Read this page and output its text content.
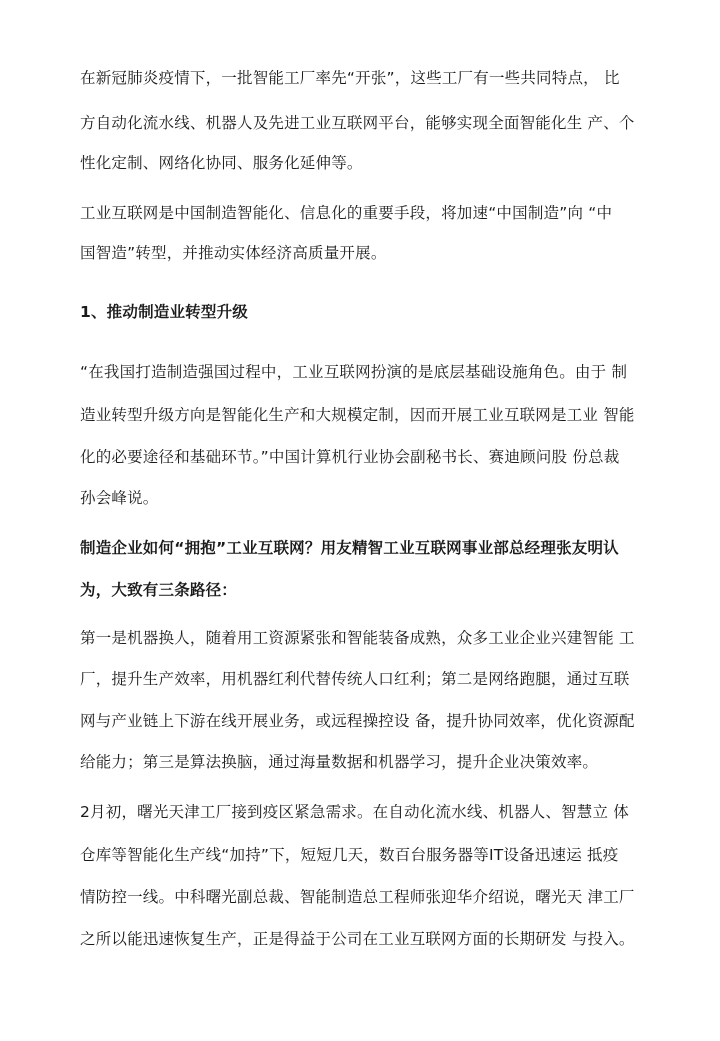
在新冠肺炎疫情下，一批智能工厂率先“开张”，这些工厂有一些共同特点， 比
方自动化流水线、机器人及先进工业互联网平台，能够实现全面智能化生 产、个
性化定制、网络化协同、服务化延伸等。
工业互联网是中国制造智能化、信息化的重要手段，将加速“中国制造”向 “中
国智造”转型，并推动实体经济高质量开展。
1、推动制造业转型升级
“在我国打造制造强国过程中，工业互联网扮演的是底层基础设施角色。由于 制
造业转型升级方向是智能化生产和大规模定制，因而开展工业互联网是工业 智能
化的必要途径和基础环节。”中国计算机行业协会副秘书长、赛迪顾问股 份总裁
孙会峰说。
制造企业如何“拥抱”工业互联网？用友精智工业互联网事业部总经理张友明认
为，大致有三条路径：
第一是机器换人，随着用工资源紧张和智能装备成熟，众多工业企业兴建智能 工
厂，提升生产效率，用机器红利代替传统人口红利；第二是网络跑腿，通过互联
网与产业链上下游在线开展业务，或远程操控设 备，提升协同效率，优化资源配
给能力；第三是算法换脑，通过海量数据和机器学习，提升企业决策效率。
2月初，曙光天津工厂接到疫区紧急需求。在自动化流水线、机器人、智慧立 体
仓库等智能化生产线“加持”下，短短几天，数百台服务器等IT设备迅速运 抵疫
情防控一线。中科曙光副总裁、智能制造总工程师张迎华介绍说，曙光天 津工厂
之所以能迅速恢复生产，正是得益于公司在工业互联网方面的长期研发 与投入。
